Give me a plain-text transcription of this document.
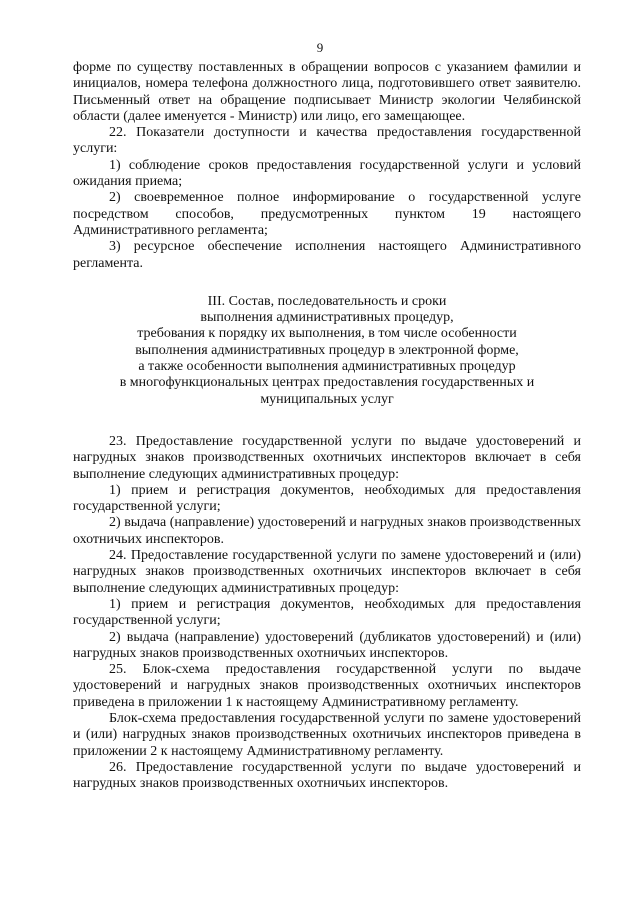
9

форме по существу поставленных в обращении вопросов с указанием фамилии и инициалов, номера телефона должностного лица, подготовившего ответ заявителю. Письменный ответ на обращение подписывает Министр экологии Челябинской области (далее именуется - Министр) или лицо, его замещающее.

22. Показатели доступности и качества предоставления государственной услуги:

1) соблюдение сроков предоставления государственной услуги и условий ожидания приема;

2) своевременное полное информирование о государственной услуге посредством способов, предусмотренных пунктом 19 настоящего Административного регламента;

3) ресурсное обеспечение исполнения настоящего Административного регламента.

III. Состав, последовательность и сроки
выполнения административных процедур,
требования к порядку их выполнения, в том числе особенности
выполнения административных процедур в электронной форме,
а также особенности выполнения административных процедур
в многофункциональных центрах предоставления государственных и
муниципальных услуг

23. Предоставление государственной услуги по выдаче удостоверений и нагрудных знаков производственных охотничьих инспекторов включает в себя выполнение следующих административных процедур:

1) прием и регистрация документов, необходимых для предоставления государственной услуги;

2) выдача (направление) удостоверений и нагрудных знаков производственных охотничьих инспекторов.

24. Предоставление государственной услуги по замене удостоверений и (или) нагрудных знаков производственных охотничьих инспекторов включает в себя выполнение следующих административных процедур:

1) прием и регистрация документов, необходимых для предоставления государственной услуги;

2) выдача (направление) удостоверений (дубликатов удостоверений) и (или) нагрудных знаков производственных охотничьих инспекторов.

25. Блок-схема предоставления государственной услуги по выдаче удостоверений и нагрудных знаков производственных охотничьих инспекторов приведена в приложении 1 к настоящему Административному регламенту.

Блок-схема предоставления государственной услуги по замене удостоверений и (или) нагрудных знаков производственных охотничьих инспекторов приведена в приложении 2 к настоящему Административному регламенту.

26. Предоставление государственной услуги по выдаче удостоверений и нагрудных знаков производственных охотничьих инспекторов.
